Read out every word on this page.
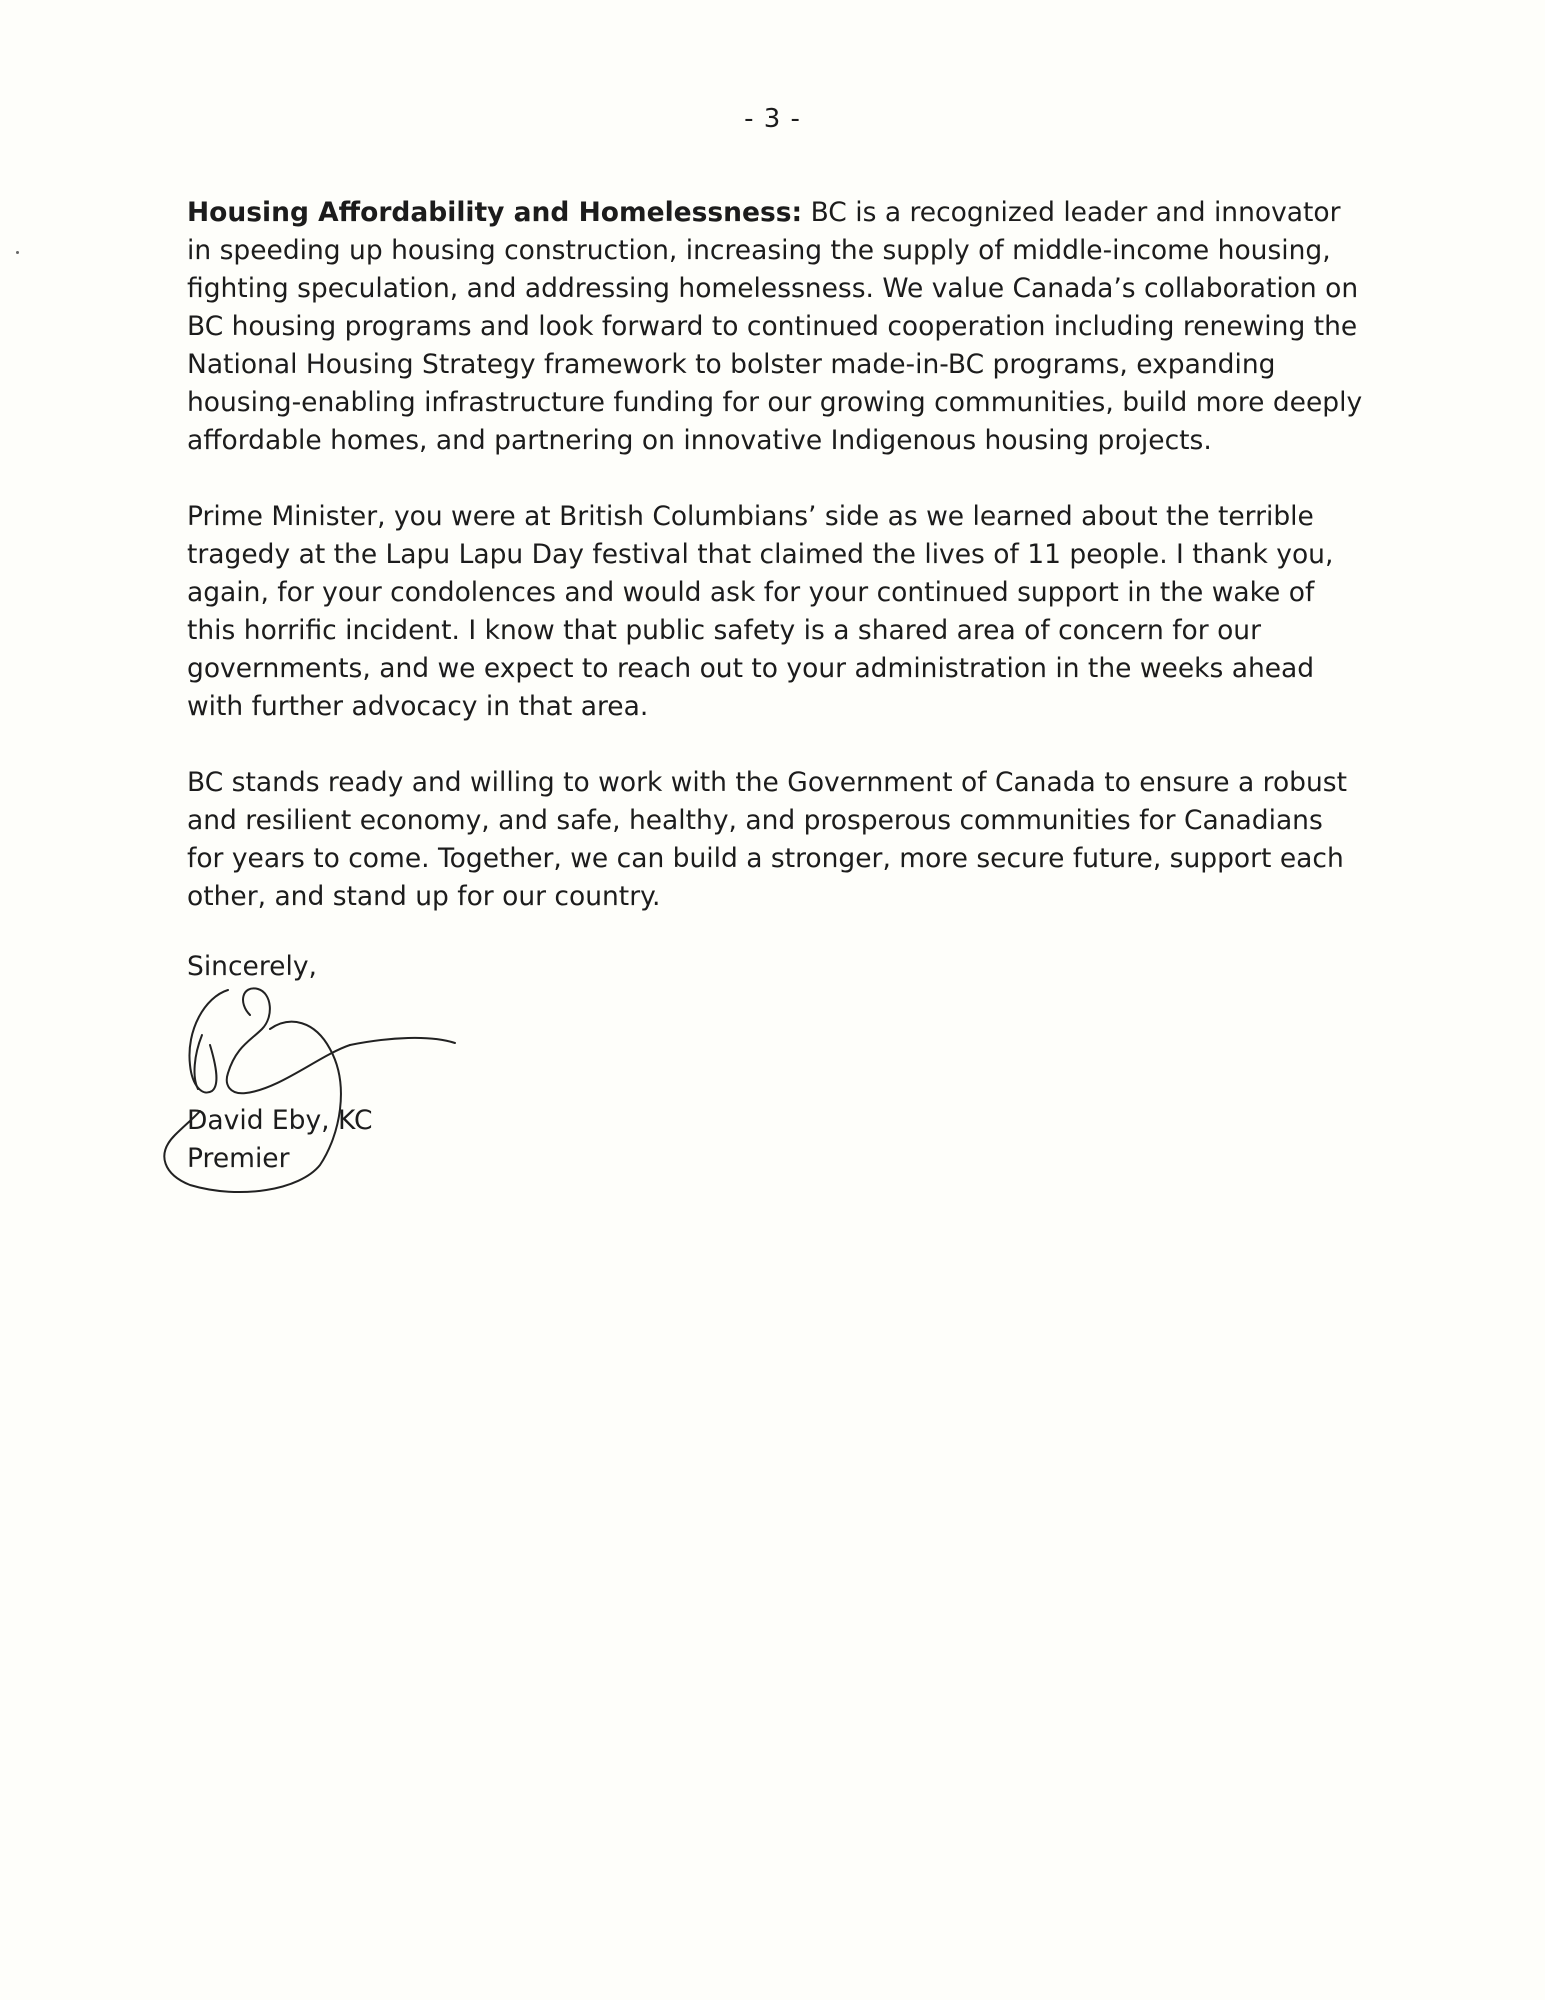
- 3 -

Housing Affordability and Homelessness: BC is a recognized leader and innovator in speeding up housing construction, increasing the supply of middle-income housing, fighting speculation, and addressing homelessness. We value Canada’s collaboration on BC housing programs and look forward to continued cooperation including renewing the National Housing Strategy framework to bolster made-in-BC programs, expanding housing-enabling infrastructure funding for our growing communities, build more deeply affordable homes, and partnering on innovative Indigenous housing projects.

Prime Minister, you were at British Columbians’ side as we learned about the terrible tragedy at the Lapu Lapu Day festival that claimed the lives of 11 people. I thank you, again, for your condolences and would ask for your continued support in the wake of this horrific incident. I know that public safety is a shared area of concern for our governments, and we expect to reach out to your administration in the weeks ahead with further advocacy in that area.

BC stands ready and willing to work with the Government of Canada to ensure a robust and resilient economy, and safe, healthy, and prosperous communities for Canadians for years to come. Together, we can build a stronger, more secure future, support each other, and stand up for our country.

Sincerely,
David Eby, KC
Premier
